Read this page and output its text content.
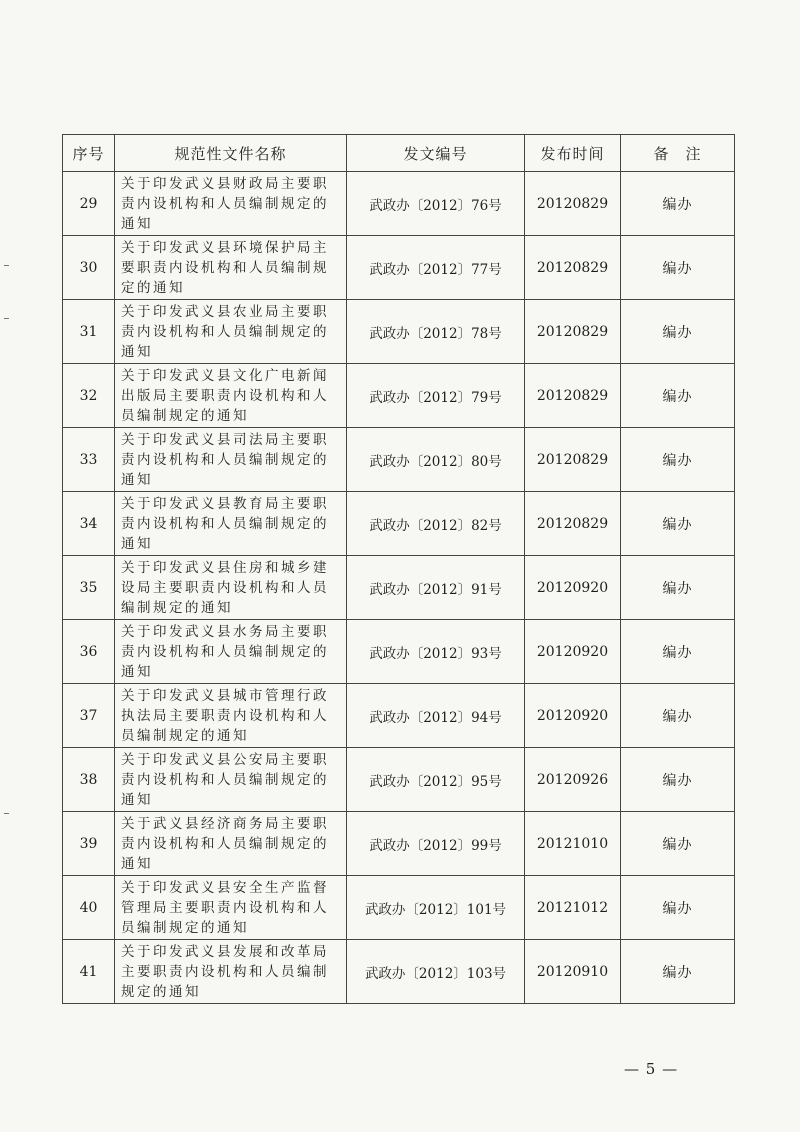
序号	规范性文件名称	发文编号	发布时间	备　注
29	关于印发武义县财政局主要职责内设机构和人员编制规定的通知	武政办〔2012〕76号	20120829	编办
30	关于印发武义县环境保护局主要职责内设机构和人员编制规定的通知	武政办〔2012〕77号	20120829	编办
31	关于印发武义县农业局主要职责内设机构和人员编制规定的通知	武政办〔2012〕78号	20120829	编办
32	关于印发武义县文化广电新闻出版局主要职责内设机构和人员编制规定的通知	武政办〔2012〕79号	20120829	编办
33	关于印发武义县司法局主要职责内设机构和人员编制规定的通知	武政办〔2012〕80号	20120829	编办
34	关于印发武义县教育局主要职责内设机构和人员编制规定的通知	武政办〔2012〕82号	20120829	编办
35	关于印发武义县住房和城乡建设局主要职责内设机构和人员编制规定的通知	武政办〔2012〕91号	20120920	编办
36	关于印发武义县水务局主要职责内设机构和人员编制规定的通知	武政办〔2012〕93号	20120920	编办
37	关于印发武义县城市管理行政执法局主要职责内设机构和人员编制规定的通知	武政办〔2012〕94号	20120920	编办
38	关于印发武义县公安局主要职责内设机构和人员编制规定的通知	武政办〔2012〕95号	20120926	编办
39	关于武义县经济商务局主要职责内设机构和人员编制规定的通知	武政办〔2012〕99号	20121010	编办
40	关于印发武义县安全生产监督管理局主要职责内设机构和人员编制规定的通知	武政办〔2012〕101号	20121012	编办
41	关于印发武义县发展和改革局主要职责内设机构和人员编制规定的通知	武政办〔2012〕103号	20120910	编办
— 5 —
